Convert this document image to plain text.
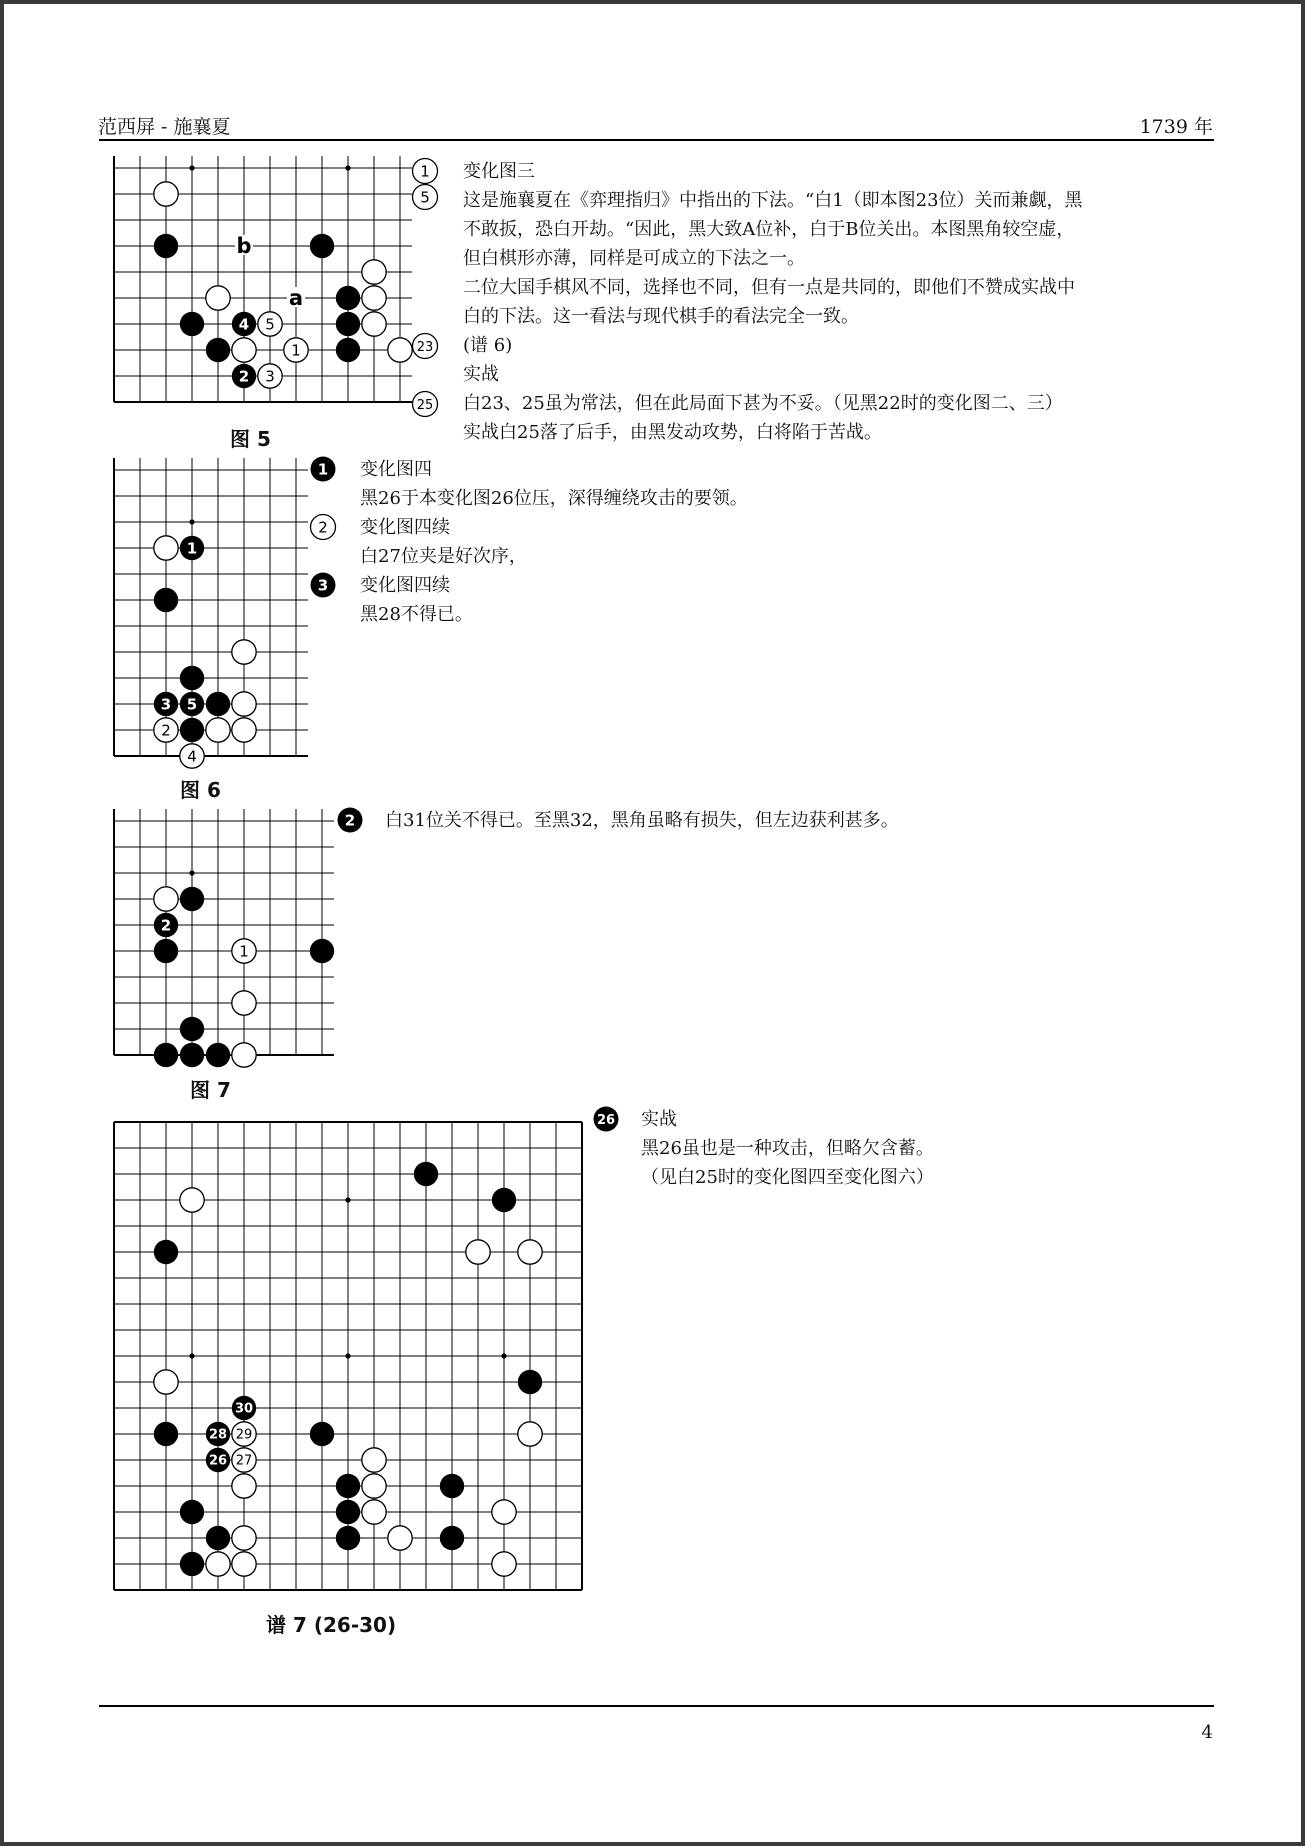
范西屏 - 施襄夏	1739 年
b
a
4 5
1
2 3
1
5
23
25
变化图三
这是施襄夏在《弈理指归》中指出的下法。“白1（即本图23位）关而兼觑，黑
不敢扳，恐白开劫。“因此，黑大致A位补，白于B位关出。本图黑角较空虚，
但白棋形亦薄，同样是可成立的下法之一。
二位大国手棋风不同，选择也不同，但有一点是共同的，即他们不赞成实战中
白的下法。这一看法与现代棋手的看法完全一致。
(谱 6)
实战
白23、25虽为常法，但在此局面下甚为不妥。（见黑22时的变化图二、三）
实战白25落了后手，由黑发动攻势，白将陷于苦战。
图 5
1
3 5
2
4
1
2
3
变化图四
黑26于本变化图26位压，深得缠绕攻击的要领。
变化图四续
白27位夹是好次序，
变化图四续
黑28不得已。
图 6
2
1
2 白31位关不得已。至黑32，黑角虽略有损失，但左边获利甚多。
图 7
30
28 29
26 27
26 实战
黑26虽也是一种攻击，但略欠含蓄。
（见白25时的变化图四至变化图六）
谱 7 (26-30)
4
